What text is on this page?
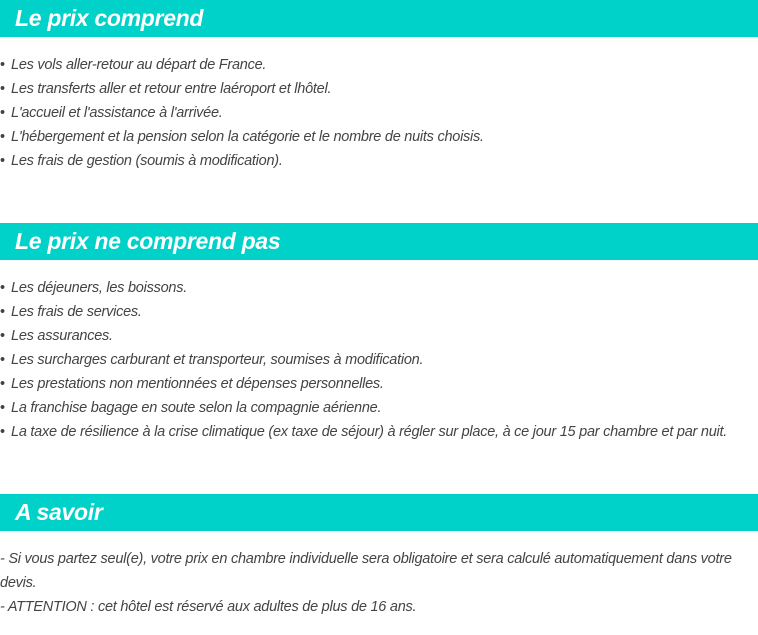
Le prix comprend
• Les vols aller-retour au départ de France.
• Les transferts aller et retour entre laéroport et lhôtel.
• L'accueil et l'assistance à l'arrivée.
• L'hébergement et la pension selon la catégorie et le nombre de nuits choisis.
• Les frais de gestion (soumis à modification).
Le prix ne comprend pas
• Les déjeuners, les boissons.
• Les frais de services.
• Les assurances.
• Les surcharges carburant et transporteur, soumises à modification.
• Les prestations non mentionnées et dépenses personnelles.
• La franchise bagage en soute selon la compagnie aérienne.
• La taxe de résilience à la crise climatique (ex taxe de séjour) à régler sur place, à ce jour 15 par chambre et par nuit.
A savoir

- Si vous partez seul(e), votre prix en chambre individuelle sera obligatoire et sera calculé automatiquement dans votre devis.

- ATTENTION : cet hôtel est réservé aux adultes de plus de 16 ans.
